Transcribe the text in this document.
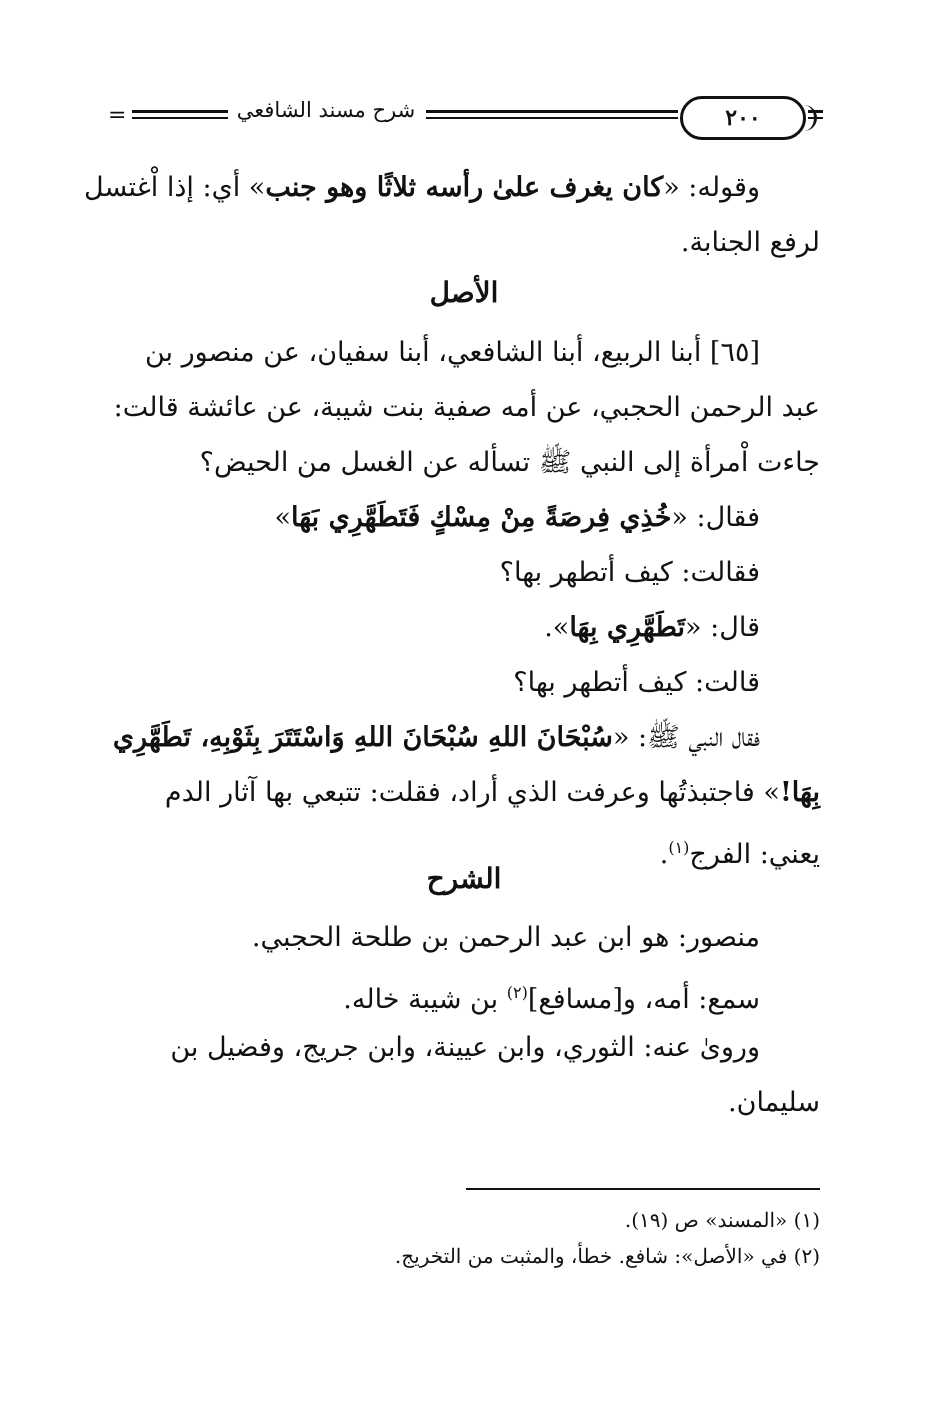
=	شرح مسند الشافعي	٢٠٠
وقوله: «كان يغرف علىٰ رأسه ثلاثًا وهو جنب» أي: إذا اْغتسل
لرفع الجنابة.
الأصل
[٦٥] أبنا الربيع، أبنا الشافعي، أبنا سفيان، عن منصور بن
عبد الرحمن الحجبي، عن أمه صفية بنت شيبة، عن عائشة قالت:
جاءت اْمرأة إلى النبي ﷺ تسأله عن الغسل من الحيض؟
فقال: «خُذِي فِرصَةً مِنْ مِسْكٍ فَتَطَهَّرِي بَهَا»
فقالت: كيف أتطهر بها؟
قال: «تَطَهَّرِي بِهَا».
قالت: كيف أتطهر بها؟
فقال النبي ﷺ: «سُبْحَانَ اللهِ سُبْحَانَ اللهِ وَاسْتَتَرَ بِثَوْبِهِ، تَطَهَّرِي
بِهَا!» فاجتبذتُها وعرفت الذي أراد، فقلت: تتبعي بها آثار الدم
يعني: الفرج$^{(١)}$.
الشرح
منصور: هو ابن عبد الرحمن بن طلحة الحجبي.
سمع: أمه، و[مسافع]$^{(٢)}$ بن شيبة خاله.
وروىٰ عنه: الثوري، وابن عيينة، وابن جريج، وفضيل بن
سليمان.
(١) «المسند» ص (١٩).
(٢) في «الأصل»: شافع. خطأ، والمثبت من التخريج.
